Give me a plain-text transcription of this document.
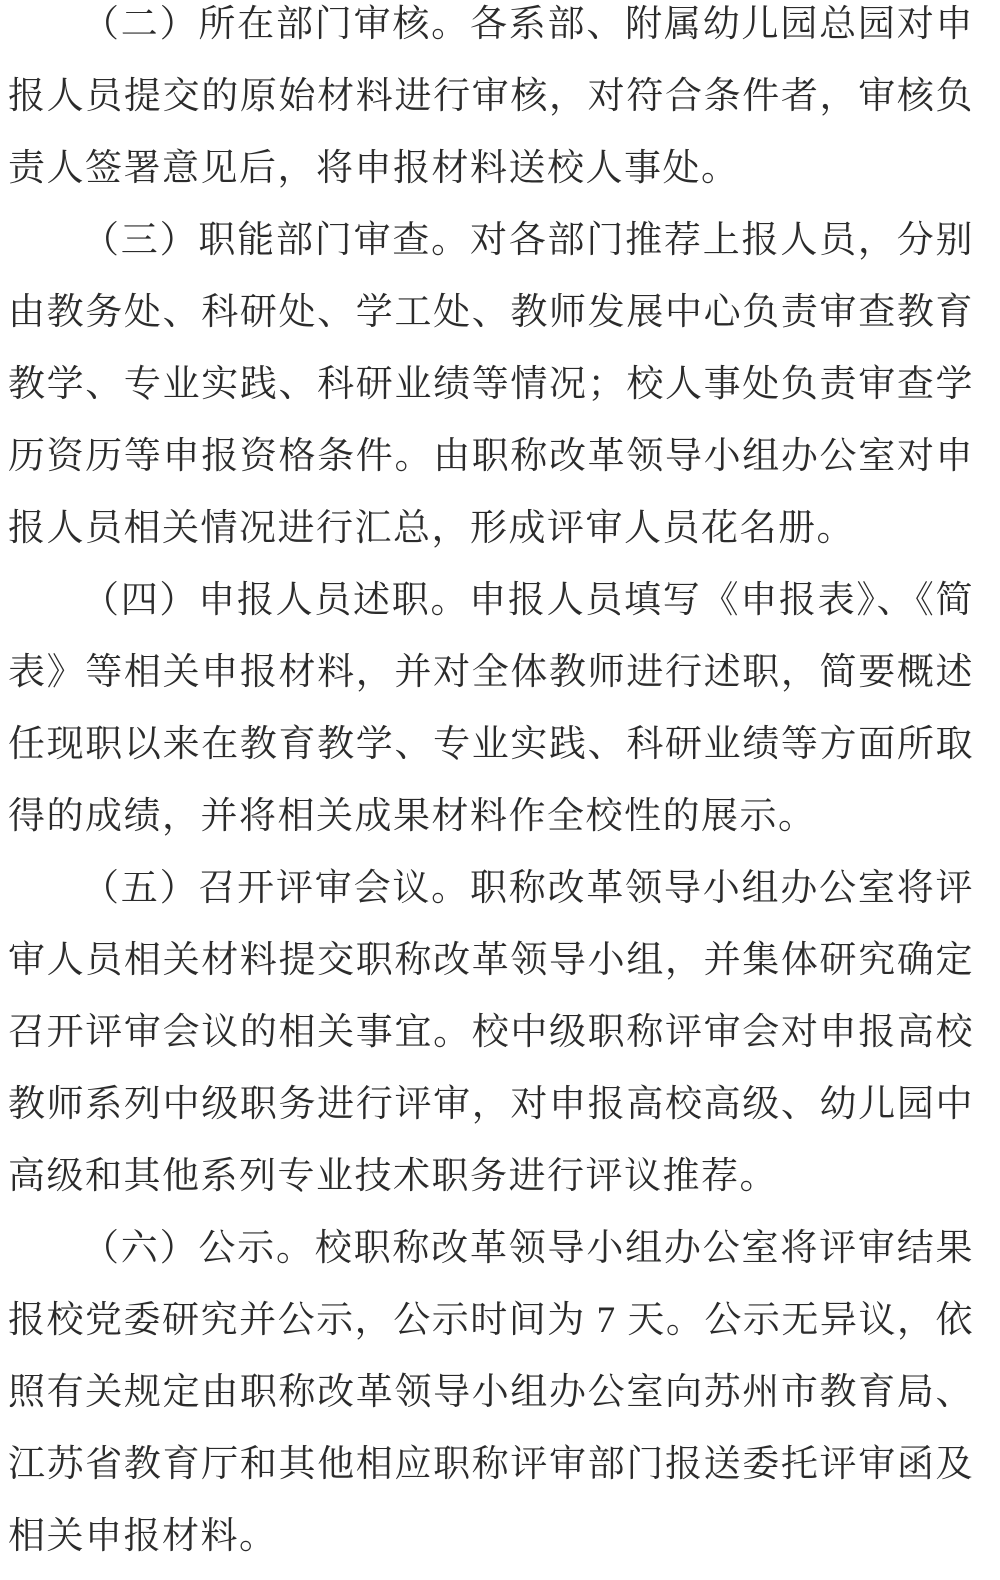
（二）所在部门审核。各系部、附属幼儿园总园对申报人员提交的原始材料进行审核，对符合条件者，审核负责人签署意见后，将申报材料送校人事处。

（三）职能部门审查。对各部门推荐上报人员，分别由教务处、科研处、学工处、教师发展中心负责审查教育教学、专业实践、科研业绩等情况；校人事处负责审查学历资历等申报资格条件。由职称改革领导小组办公室对申报人员相关情况进行汇总，形成评审人员花名册。

（四）申报人员述职。申报人员填写《申报表》、《简表》等相关申报材料，并对全体教师进行述职，简要概述任现职以来在教育教学、专业实践、科研业绩等方面所取得的成绩，并将相关成果材料作全校性的展示。

（五）召开评审会议。职称改革领导小组办公室将评审人员相关材料提交职称改革领导小组，并集体研究确定召开评审会议的相关事宜。校中级职称评审会对申报高校教师系列中级职务进行评审，对申报高校高级、幼儿园中高级和其他系列专业技术职务进行评议推荐。

（六）公示。校职称改革领导小组办公室将评审结果报校党委研究并公示，公示时间为 7 天。公示无异议，依照有关规定由职称改革领导小组办公室向苏州市教育局、江苏省教育厅和其他相应职称评审部门报送委托评审函及相关申报材料。
